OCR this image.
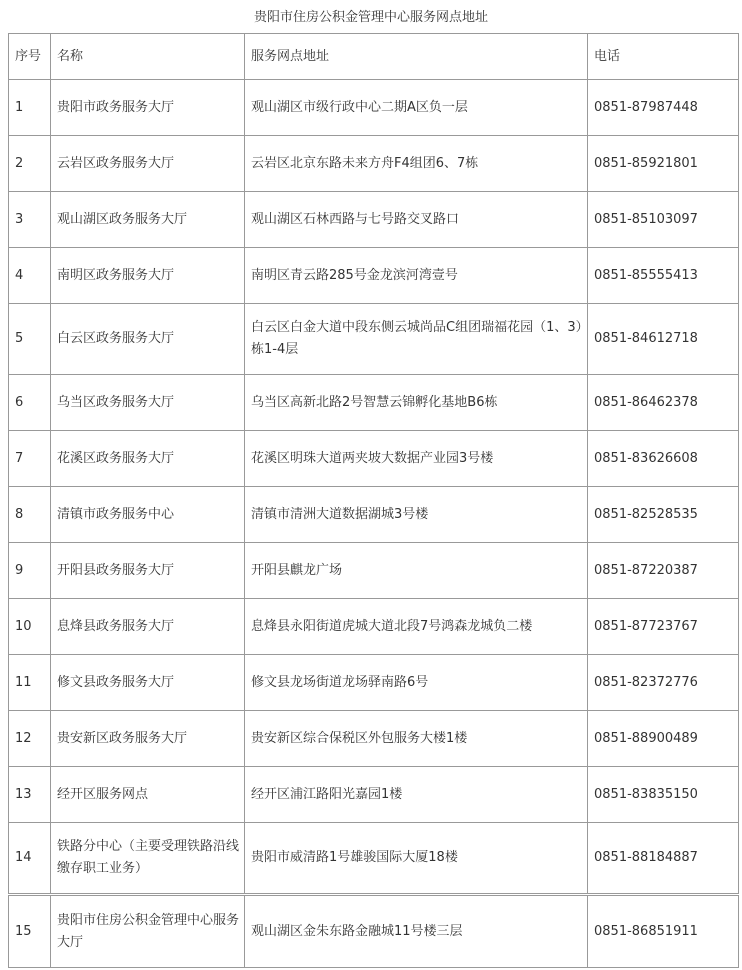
贵阳市住房公积金管理中心服务网点地址
序号	名称	服务网点地址	电话
1	贵阳市政务服务大厅	观山湖区市级行政中心二期A区负一层	0851-87987448
2	云岩区政务服务大厅	云岩区北京东路未来方舟F4组团6、7栋	0851-85921801
3	观山湖区政务服务大厅	观山湖区石林西路与七号路交叉路口	0851-85103097
4	南明区政务服务大厅	南明区青云路285号金龙滨河湾壹号	0851-85555413
5	白云区政务服务大厅	白云区白金大道中段东侧云城尚品C组团瑞福花园（1、3）栋1-4层	0851-84612718
6	乌当区政务服务大厅	乌当区高新北路2号智慧云锦孵化基地B6栋	0851-86462378
7	花溪区政务服务大厅	花溪区明珠大道两夹坡大数据产业园3号楼	0851-83626608
8	清镇市政务服务中心	清镇市清洲大道数据湖城3号楼	0851-82528535
9	开阳县政务服务大厅	开阳县麒龙广场	0851-87220387
10	息烽县政务服务大厅	息烽县永阳街道虎城大道北段7号鸿森龙城负二楼	0851-87723767
11	修文县政务服务大厅	修文县龙场街道龙场驿南路6号	0851-82372776
12	贵安新区政务服务大厅	贵安新区综合保税区外包服务大楼1楼	0851-88900489
13	经开区服务网点	经开区浦江路阳光嘉园1楼	0851-83835150
14	铁路分中心（主要受理铁路沿线缴存职工业务）	贵阳市威清路1号雄骏国际大厦18楼	0851-88184887
15	贵阳市住房公积金管理中心服务大厅	观山湖区金朱东路金融城11号楼三层	0851-86851911
